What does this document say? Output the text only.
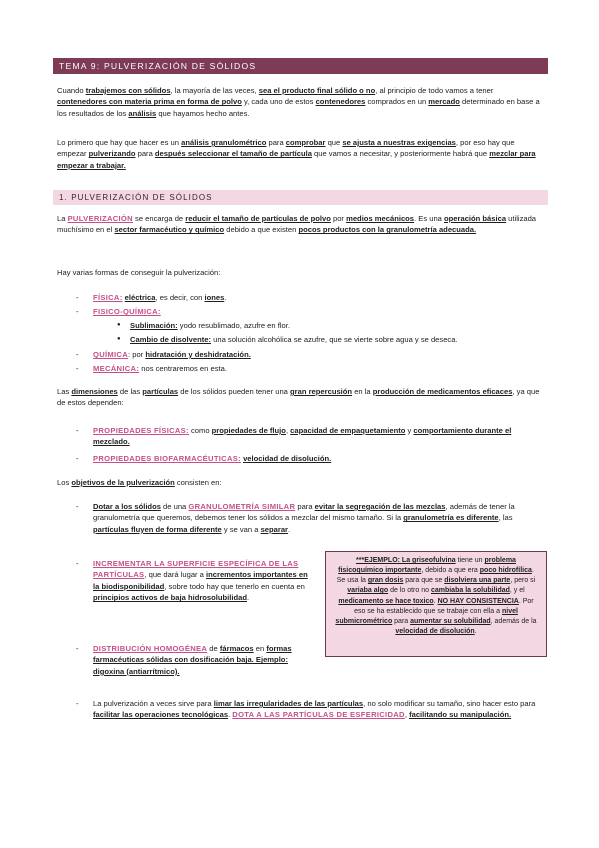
TEMA 9: PULVERIZACIÓN DE SÓLIDOS
Cuando trabajemos con sólidos, la mayoría de las veces, sea el producto final sólido o no, al principio de todo vamos a tener contenedores con materia prima en forma de polvo y, cada uno de estos contenedores comprados en un mercado determinado en base a los resultados de los análisis que hayamos hecho antes.
Lo primero que hay que hacer es un análisis granulométrico para comprobar que se ajusta a nuestras exigencias, por eso hay que empezar pulverizando para después seleccionar el tamaño de partícula que vamos a necesitar, y posteriormente habrá que mezclar para empezar a trabajar.
1. PULVERIZACIÓN DE SÓLIDOS
La PULVERIZACIÓN se encarga de reducir el tamaño de partículas de polvo por medios mecánicos. Es una operación básica utilizada muchísimo en el sector farmacéutico y químico debido a que existen pocos productos con la granulometría adecuada.
Hay varias formas de conseguir la pulverización:
- FÍSICA: eléctrica, es decir, con iones.
- FISICO-QUÍMICA:
● Sublimación: yodo resublimado, azufre en flor.
● Cambio de disolvente: una solución alcohólica se azufre, que se vierte sobre agua y se deseca.
- QUÍMICA: por hidratación y deshidratación.
- MECÁNICA: nos centraremos en esta.
Las dimensiones de las partículas de los sólidos pueden tener una gran repercusión en la producción de medicamentos eficaces, ya que de estos dependen:
- PROPIEDADES FÍSICAS: como propiedades de flujo, capacidad de empaquetamiento y comportamiento durante el mezclado.
- PROPIEDADES BIOFARMACÉUTICAS: velocidad de disolución.
Los objetivos de la pulverización consisten en:
- Dotar a los sólidos de una GRANULOMETRÍA SIMILAR para evitar la segregación de las mezclas, además de tener la granulometría que queremos, debemos tener los sólidos a mezclar del mismo tamaño. Si la granulometría es diferente, las partículas fluyen de forma diferente y se van a separar.
- INCREMENTAR LA SUPERFICIE ESPECÍFICA DE LAS PARTÍCULAS, que dará lugar a incrementos importantes en la biodisponibilidad, sobre todo hay que tenerlo en cuenta en principios activos de baja hidrosolubilidad.
- DISTRIBUCIÓN HOMOGÉNEA de fármacos en formas farmacéuticas sólidas con dosificación baja. Ejemplo: digoxina (antiarrítmico).
***EJEMPLO: La griseofulvina tiene un problema fisicoquímico importante, debido a que era poco hidrofílica. Se usa la gran dosis para que se disolviera una parte, pero si variaba algo de lo otro no cambiaba la solubilidad, y el medicamento se hace toxico. NO HAY CONSISTENCIA. Por eso se ha establecido que se trabaje con ella a nivel submicrométrico para aumentar su solubilidad, además de la velocidad de disolución.
- La pulverización a veces sirve para limar las irregularidades de las partículas, no solo modificar su tamaño, sino hacer esto para facilitar las operaciones tecnológicas. DOTA A LAS PARTÍCULAS DE ESFERICIDAD, facilitando su manipulación.
